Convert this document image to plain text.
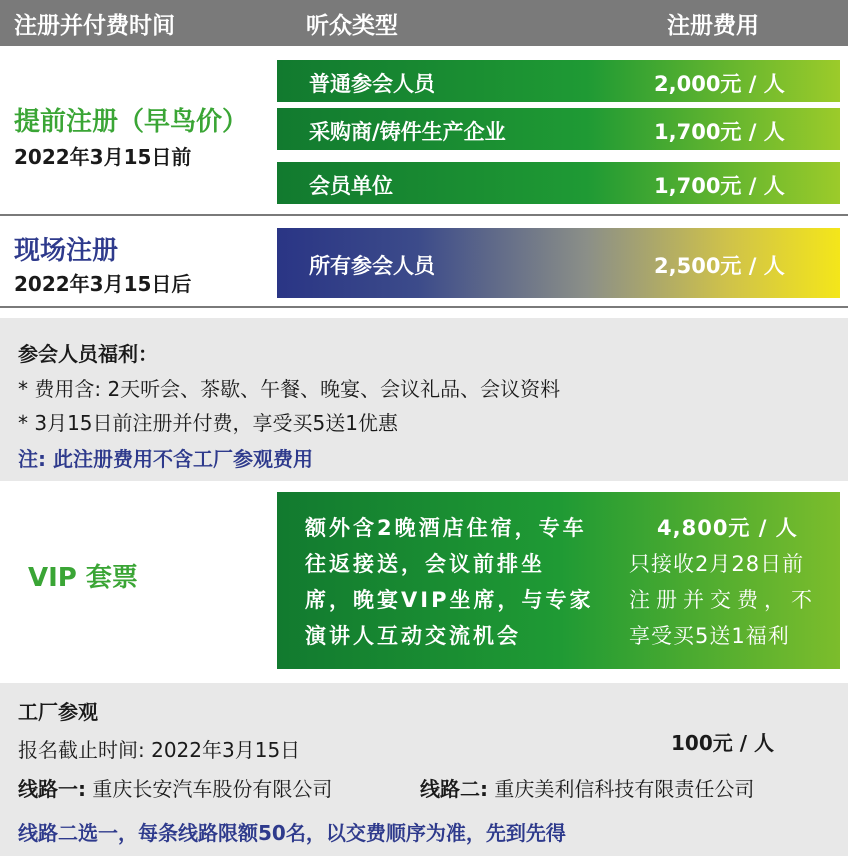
注册并付费时间	听众类型	注册费用
提前注册（早鸟价）
2022年3月15日前
普通参会人员	2,000元 / 人
采购商/铸件生产企业	1,700元 / 人
会员单位	1,700元 / 人
现场注册
2022年3月15日后
所有参会人员	2,500元 / 人
参会人员福利：
* 费用含: 2天听会、茶歇、午餐、晚宴、会议礼品、会议资料
* 3月15日前注册并付费，享受买5送1优惠
注: 此注册费用不含工厂参观费用
VIP 套票
额外含2晚酒店住宿，专车
往返接送，会议前排坐
席，晚宴VIP坐席，与专家
演讲人互动交流机会
4,800元 / 人
只接收2月28日前
注册并交费，不
享受买5送1福利
工厂参观
报名截止时间: 2022年3月15日	100元 / 人
线路一: 重庆长安汽车股份有限公司	线路二: 重庆美利信科技有限责任公司
线路二选一，每条线路限额50名，以交费顺序为准，先到先得
